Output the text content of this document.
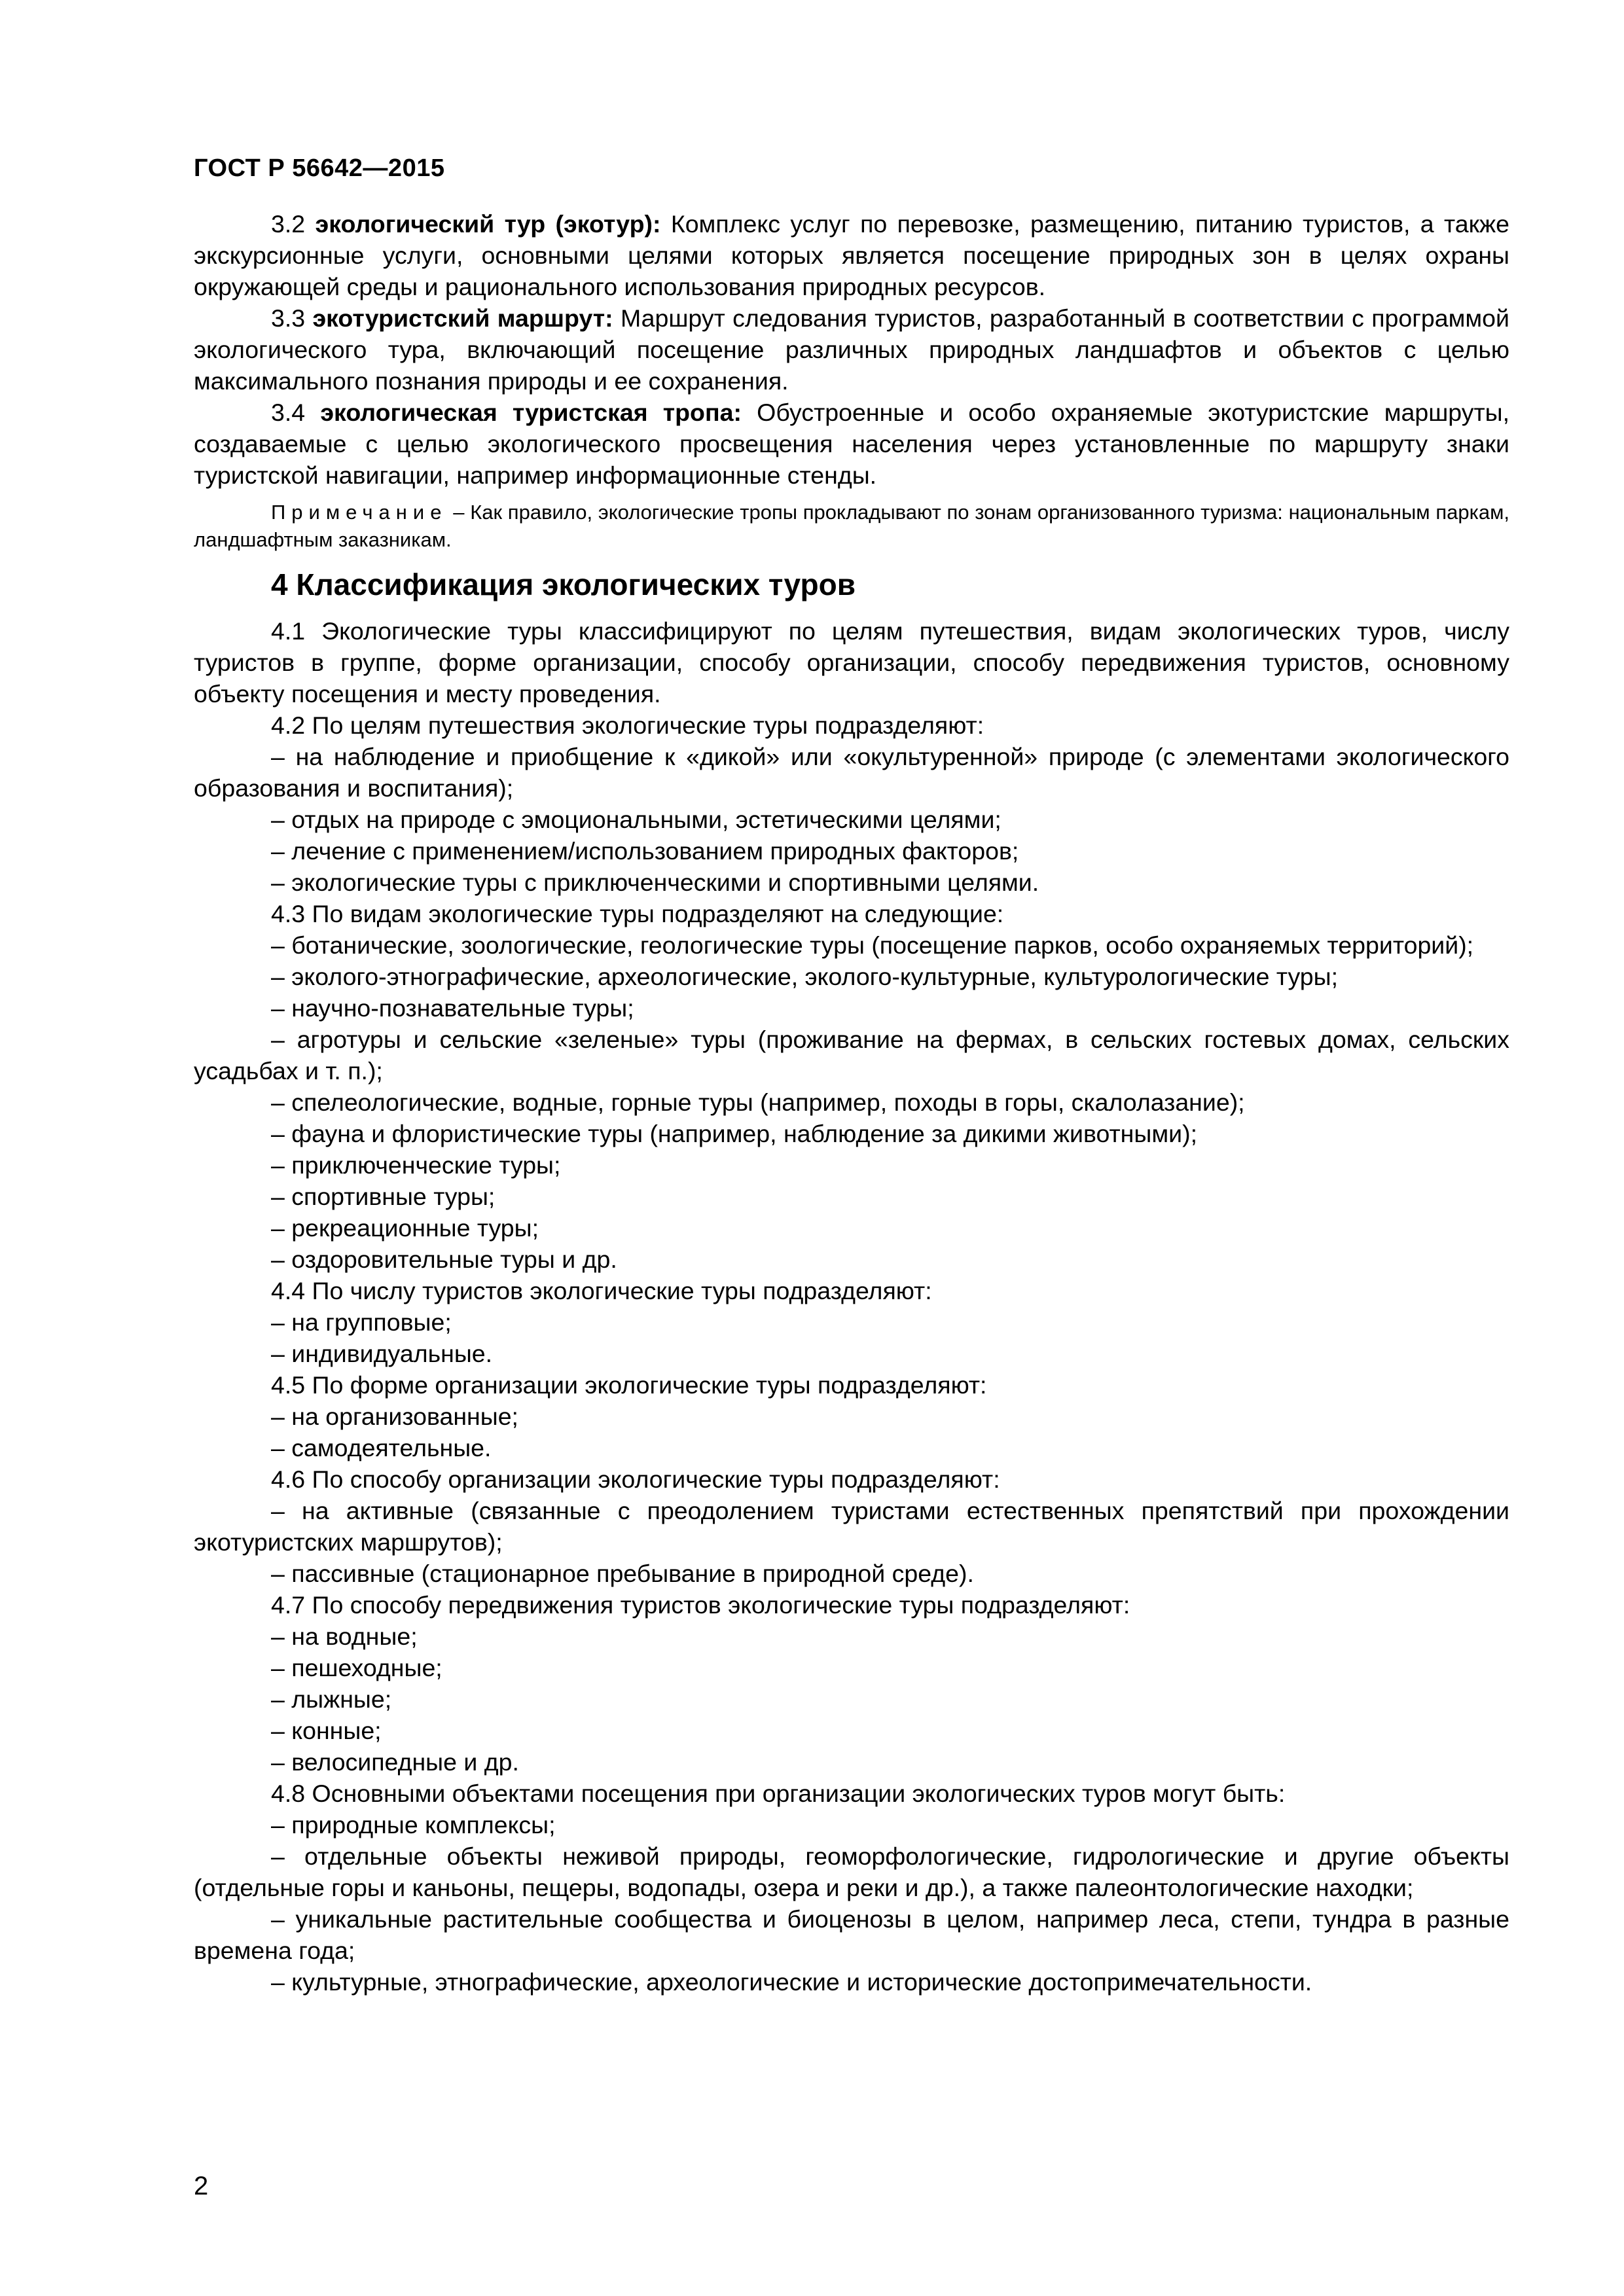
ГОСТ Р 56642—2015

3.2 экологический тур (экотур): Комплекс услуг по перевозке, размещению, питанию туристов, а также экскурсионные услуги, основными целями которых является посещение природных зон в целях охраны окружающей среды и рационального использования природных ресурсов.

3.3 экотуристский маршрут: Маршрут следования туристов, разработанный в соответствии с программой экологического тура, включающий посещение различных природных ландшафтов и объектов с целью максимального познания природы и ее сохранения.

3.4 экологическая туристская тропа: Обустроенные и особо охраняемые экотуристские маршруты, создаваемые с целью экологического просвещения населения через установленные по маршруту знаки туристской навигации, например информационные стенды.

Примечание – Как правило, экологические тропы прокладывают по зонам организованного туризма: национальным паркам, ландшафтным заказникам.

4 Классификация экологических туров

4.1 Экологические туры классифицируют по целям путешествия, видам экологических туров, числу туристов в группе, форме организации, способу организации, способу передвижения туристов, основному объекту посещения и месту проведения.

4.2 По целям путешествия экологические туры подразделяют:

– на наблюдение и приобщение к «дикой» или «окультуренной» природе (с элементами экологического образования и воспитания);

– отдых на природе с эмоциональными, эстетическими целями;

– лечение с применением/использованием природных факторов;

– экологические туры с приключенческими и спортивными целями.

4.3 По видам экологические туры подразделяют на следующие:

– ботанические, зоологические, геологические туры (посещение парков, особо охраняемых территорий);

– эколого-этнографические, археологические, эколого-культурные, культурологические туры;

– научно-познавательные туры;

– агротуры и сельские «зеленые» туры (проживание на фермах, в сельских гостевых домах, сельских усадьбах и т. п.);

– спелеологические, водные, горные туры (например, походы в горы, скалолазание);

– фауна и флористические туры (например, наблюдение за дикими животными);

– приключенческие туры;

– спортивные туры;

– рекреационные туры;

– оздоровительные туры и др.

4.4 По числу туристов экологические туры подразделяют:

– на групповые;

– индивидуальные.

4.5 По форме организации экологические туры подразделяют:

– на организованные;

– самодеятельные.

4.6 По способу организации экологические туры подразделяют:

– на активные (связанные с преодолением туристами естественных препятствий при прохождении экотуристских маршрутов);

– пассивные (стационарное пребывание в природной среде).

4.7 По способу передвижения туристов экологические туры подразделяют:

– на водные;

– пешеходные;

– лыжные;

– конные;

– велосипедные и др.

4.8 Основными объектами посещения при организации экологических туров могут быть:

– природные комплексы;

– отдельные объекты неживой природы, геоморфологические, гидрологические и другие объекты (отдельные горы и каньоны, пещеры, водопады, озера и реки и др.), а также палеонтологические находки;

– уникальные растительные сообщества и биоценозы в целом, например леса, степи, тундра в разные времена года;

– культурные, этнографические, археологические и исторические достопримечательности.

2
